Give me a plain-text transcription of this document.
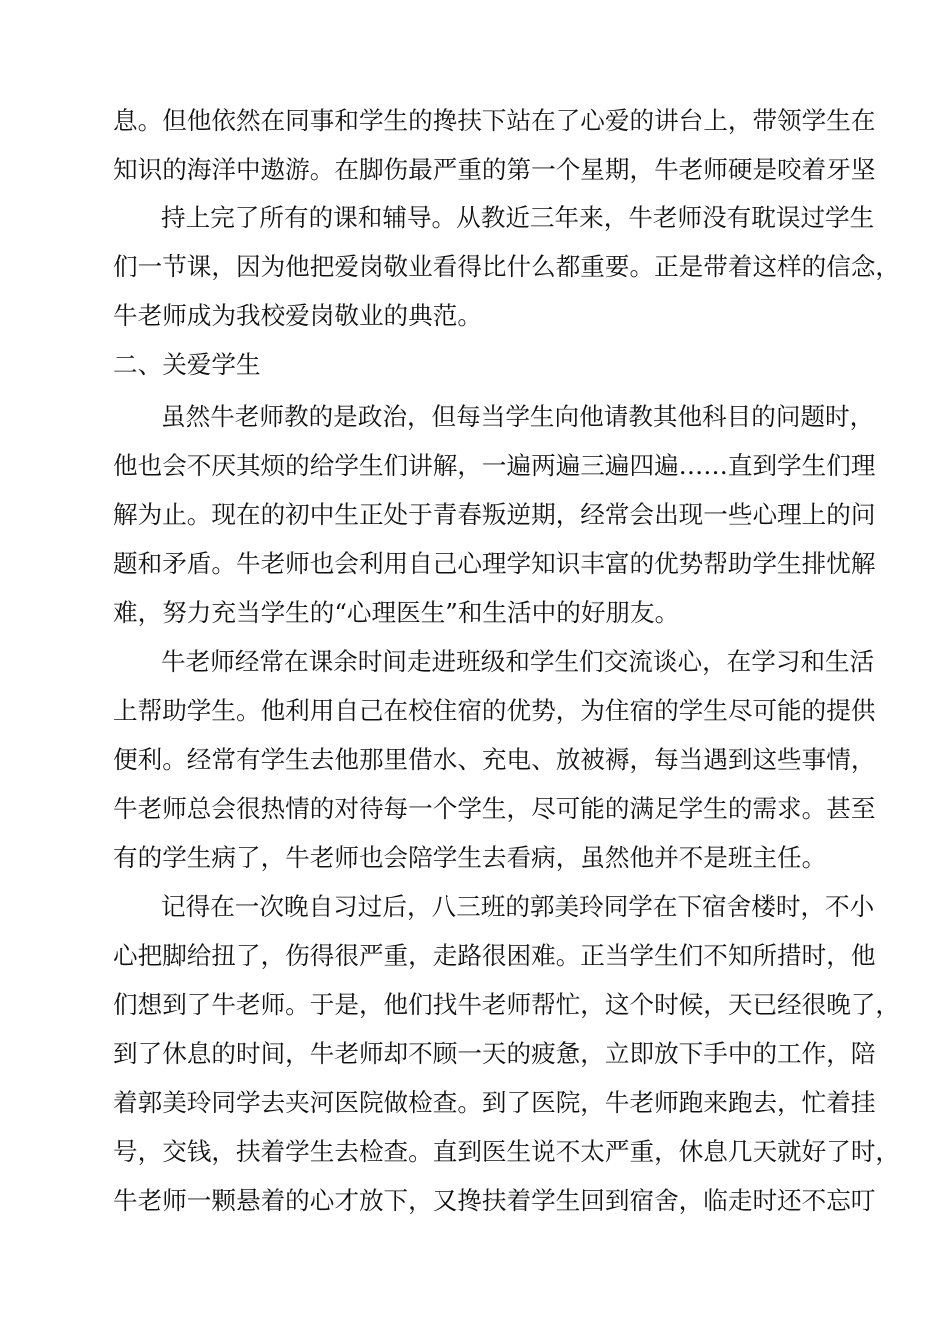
息。但他依然在同事和学生的搀扶下站在了心爱的讲台上，带领学生在
知识的海洋中遨游。在脚伤最严重的第一个星期，牛老师硬是咬着牙坚
持上完了所有的课和辅导。从教近三年来，牛老师没有耽误过学生
们一节课，因为他把爱岗敬业看得比什么都重要。正是带着这样的信念，
牛老师成为我校爱岗敬业的典范。
二、关爱学生
虽然牛老师教的是政治，但每当学生向他请教其他科目的问题时，
他也会不厌其烦的给学生们讲解，一遍两遍三遍四遍……直到学生们理
解为止。现在的初中生正处于青春叛逆期，经常会出现一些心理上的问
题和矛盾。牛老师也会利用自己心理学知识丰富的优势帮助学生排忧解
难，努力充当学生的“心理医生”和生活中的好朋友。
牛老师经常在课余时间走进班级和学生们交流谈心，在学习和生活
上帮助学生。他利用自己在校住宿的优势，为住宿的学生尽可能的提供
便利。经常有学生去他那里借水、充电、放被褥，每当遇到这些事情，
牛老师总会很热情的对待每一个学生，尽可能的满足学生的需求。甚至
有的学生病了，牛老师也会陪学生去看病，虽然他并不是班主任。
记得在一次晚自习过后，八三班的郭美玲同学在下宿舍楼时，不小
心把脚给扭了，伤得很严重，走路很困难。正当学生们不知所措时，他
们想到了牛老师。于是，他们找牛老师帮忙，这个时候，天已经很晚了，
到了休息的时间，牛老师却不顾一天的疲惫，立即放下手中的工作，陪
着郭美玲同学去夹河医院做检查。到了医院，牛老师跑来跑去，忙着挂
号，交钱，扶着学生去检查。直到医生说不太严重，休息几天就好了时，
牛老师一颗悬着的心才放下，又搀扶着学生回到宿舍，临走时还不忘叮
